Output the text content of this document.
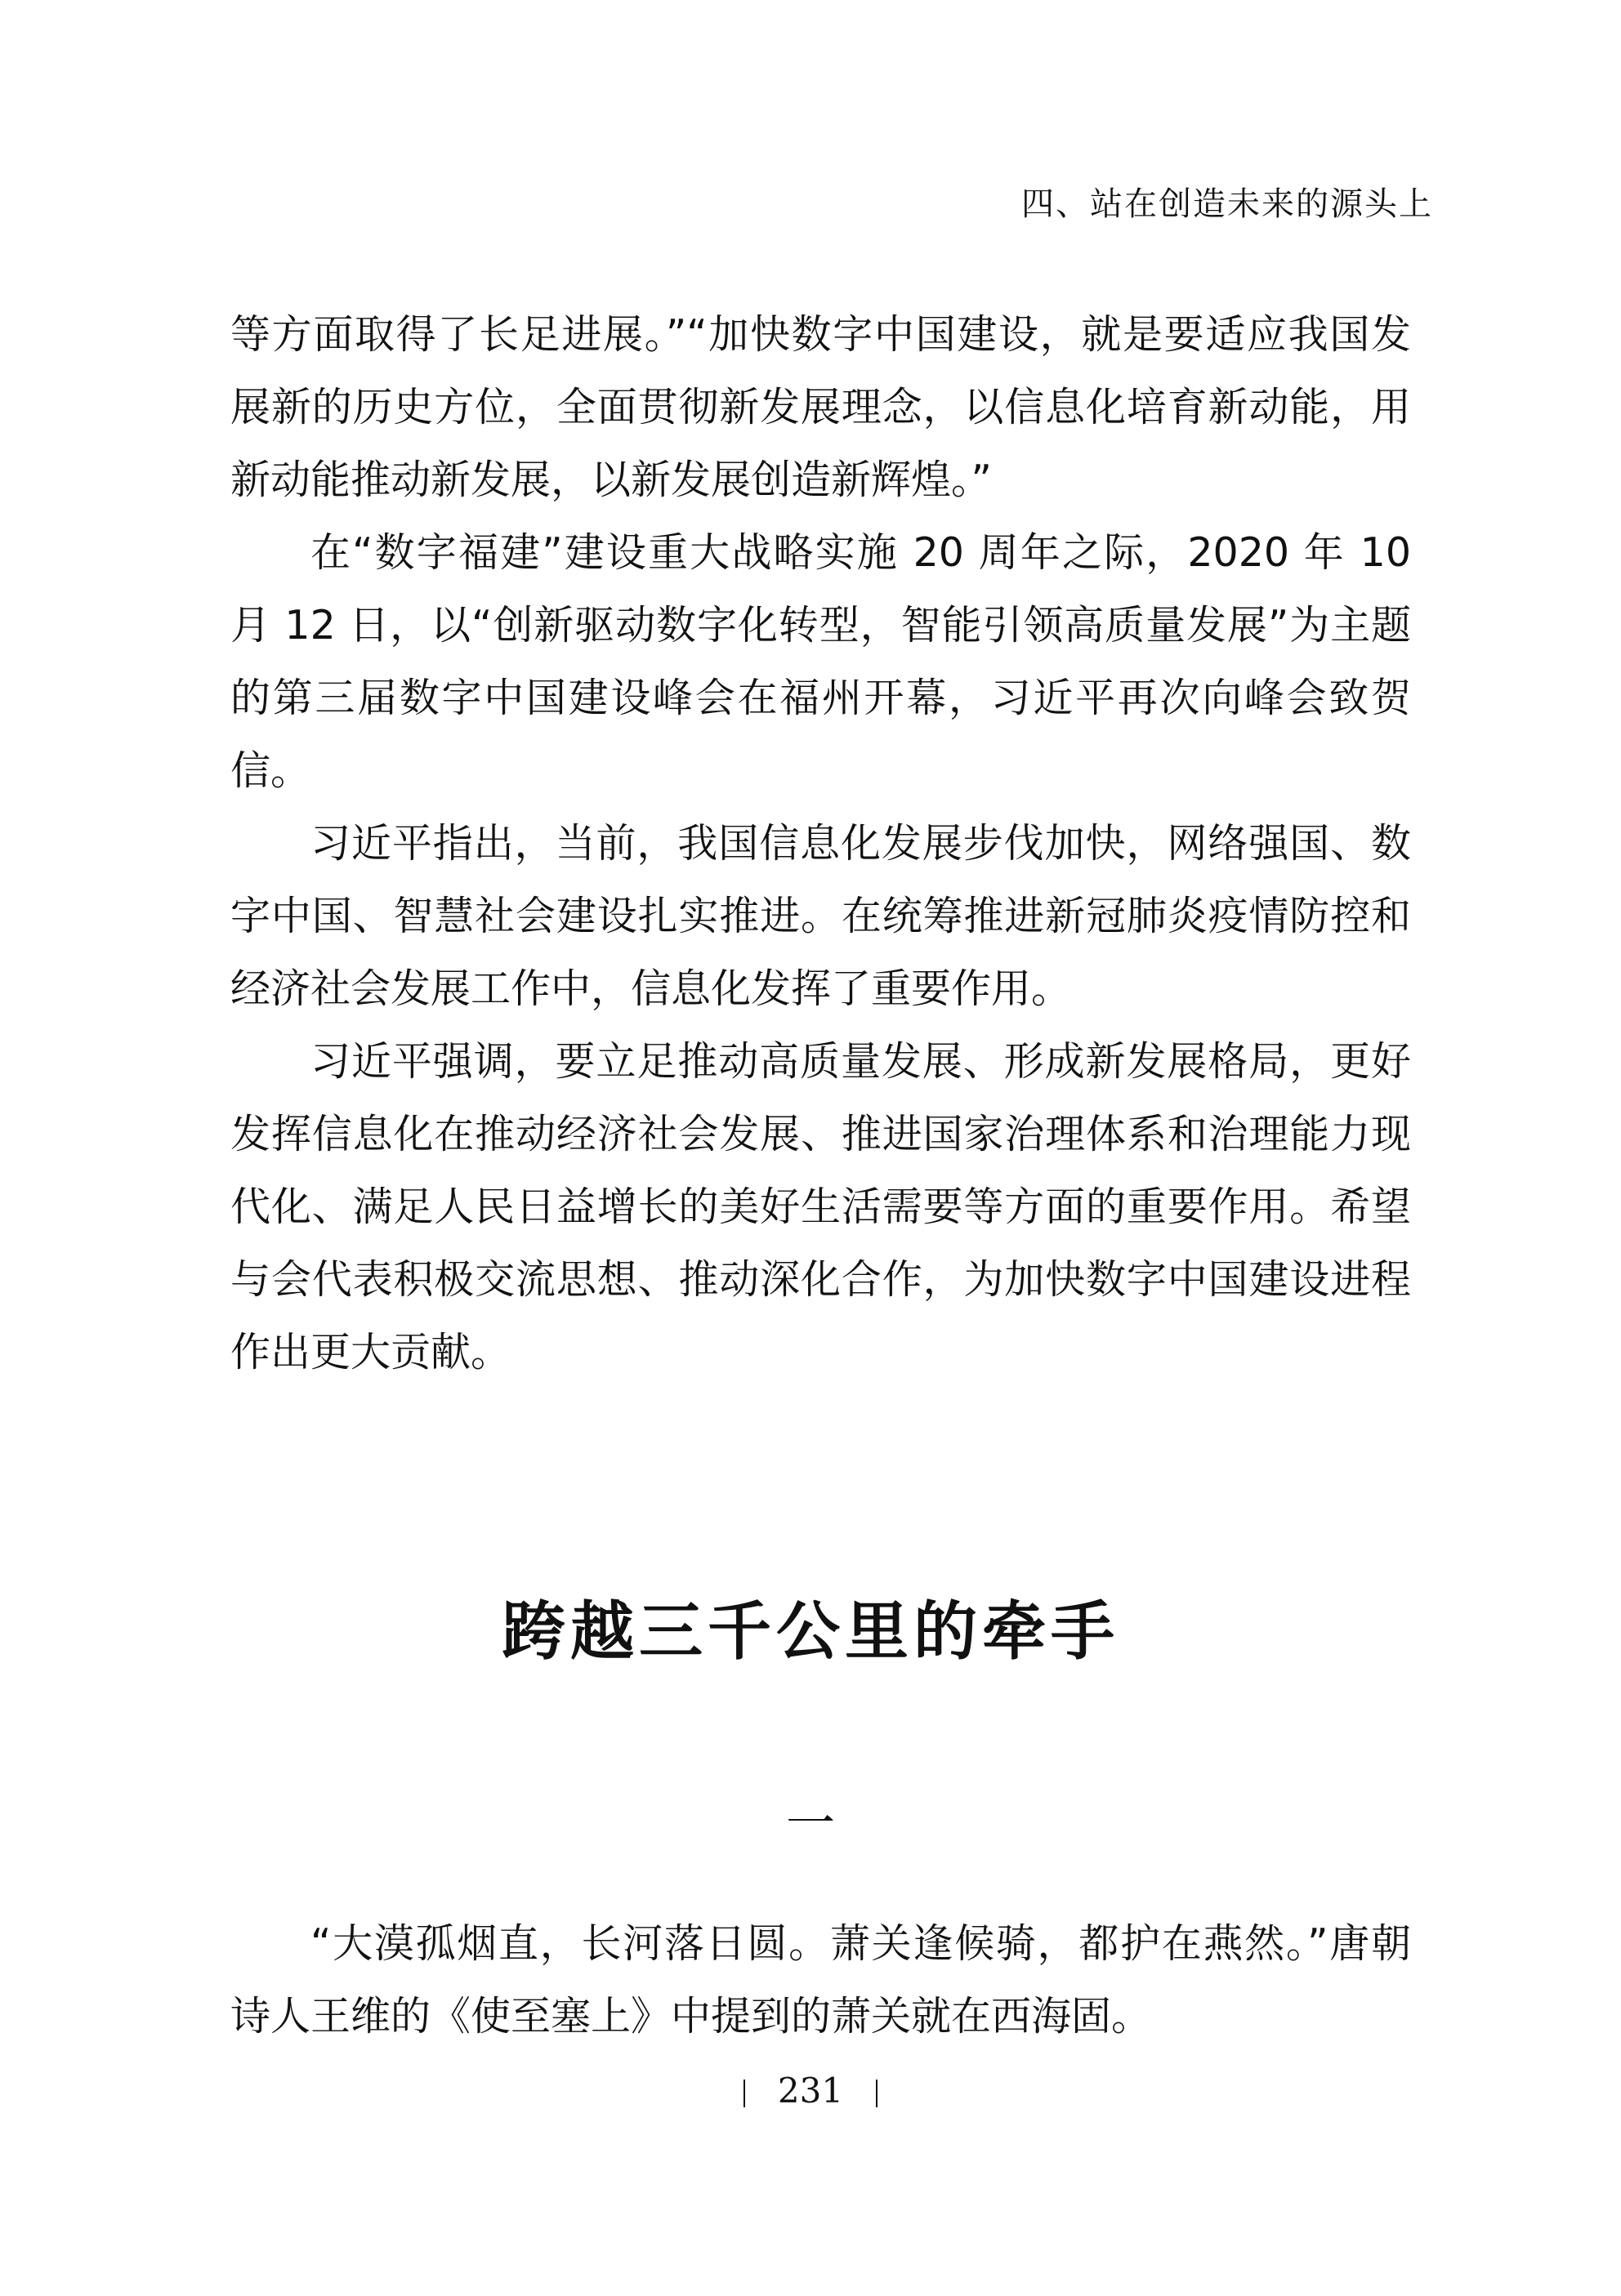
四、站在创造未来的源头上

等方面取得了长足进展。”“加快数字中国建设，就是要适应我国发展新的历史方位，全面贯彻新发展理念，以信息化培育新动能，用新动能推动新发展，以新发展创造新辉煌。”

在“数字福建”建设重大战略实施 20 周年之际，2020 年 10 月 12 日，以“创新驱动数字化转型，智能引领高质量发展”为主题的第三届数字中国建设峰会在福州开幕，习近平再次向峰会致贺信。

习近平指出，当前，我国信息化发展步伐加快，网络强国、数字中国、智慧社会建设扎实推进。在统筹推进新冠肺炎疫情防控和经济社会发展工作中，信息化发挥了重要作用。

习近平强调，要立足推动高质量发展、形成新发展格局，更好发挥信息化在推动经济社会发展、推进国家治理体系和治理能力现代化、满足人民日益增长的美好生活需要等方面的重要作用。希望与会代表积极交流思想、推动深化合作，为加快数字中国建设进程作出更大贡献。

跨越三千公里的牵手
一

“大漠孤烟直，长河落日圆。萧关逢候骑，都护在燕然。”唐朝诗人王维的《使至塞上》中提到的萧关就在西海固。

231
